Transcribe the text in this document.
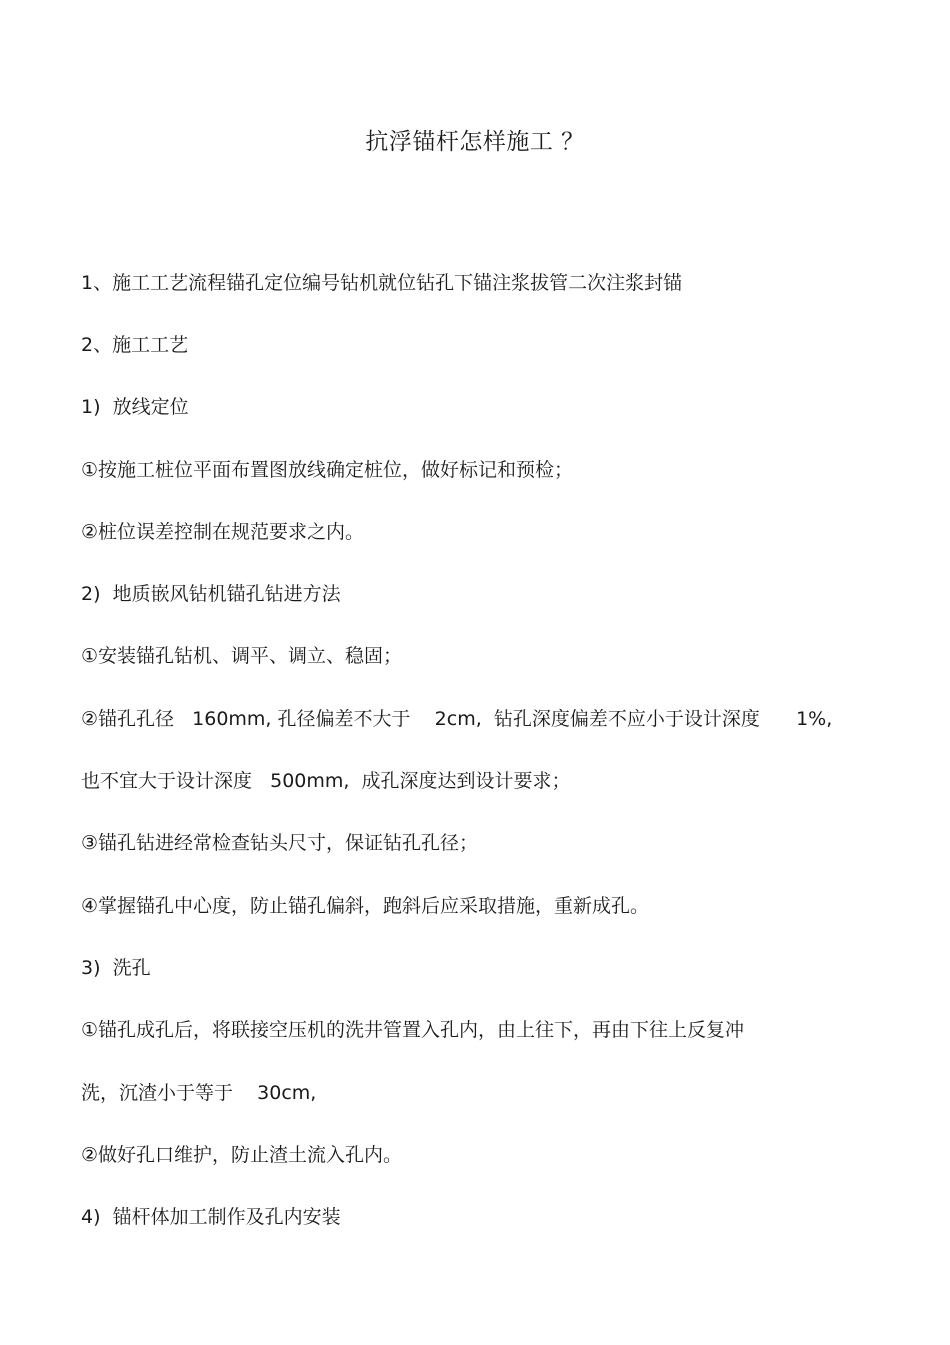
抗浮锚杆怎样施工 ？
1、施工工艺流程锚孔定位编号钻机就位钻孔下锚注浆拔管二次注浆封锚
2、施工工艺
1)  放线定位
①按施工桩位平面布置图放线确定桩位，做好标记和预检；
②桩位误差控制在规范要求之内。
2)  地质嵌风钻机锚孔钻进方法
①安装锚孔钻机、调平、调立、稳固；
②锚孔孔径   160mm, 孔径偏差不大于    2cm,  钻孔深度偏差不应小于设计深度      1%,
也不宜大于设计深度   500mm,  成孔深度达到设计要求；
③锚孔钻进经常检查钻头尺寸，保证钻孔孔径；
④掌握锚孔中心度，防止锚孔偏斜，跑斜后应采取措施，重新成孔。
3)  洗孔
①锚孔成孔后，将联接空压机的洗井管置入孔内，由上往下，再由下往上反复冲
洗，沉渣小于等于    30cm,
②做好孔口维护，防止渣土流入孔内。
4)  锚杆体加工制作及孔内安装
